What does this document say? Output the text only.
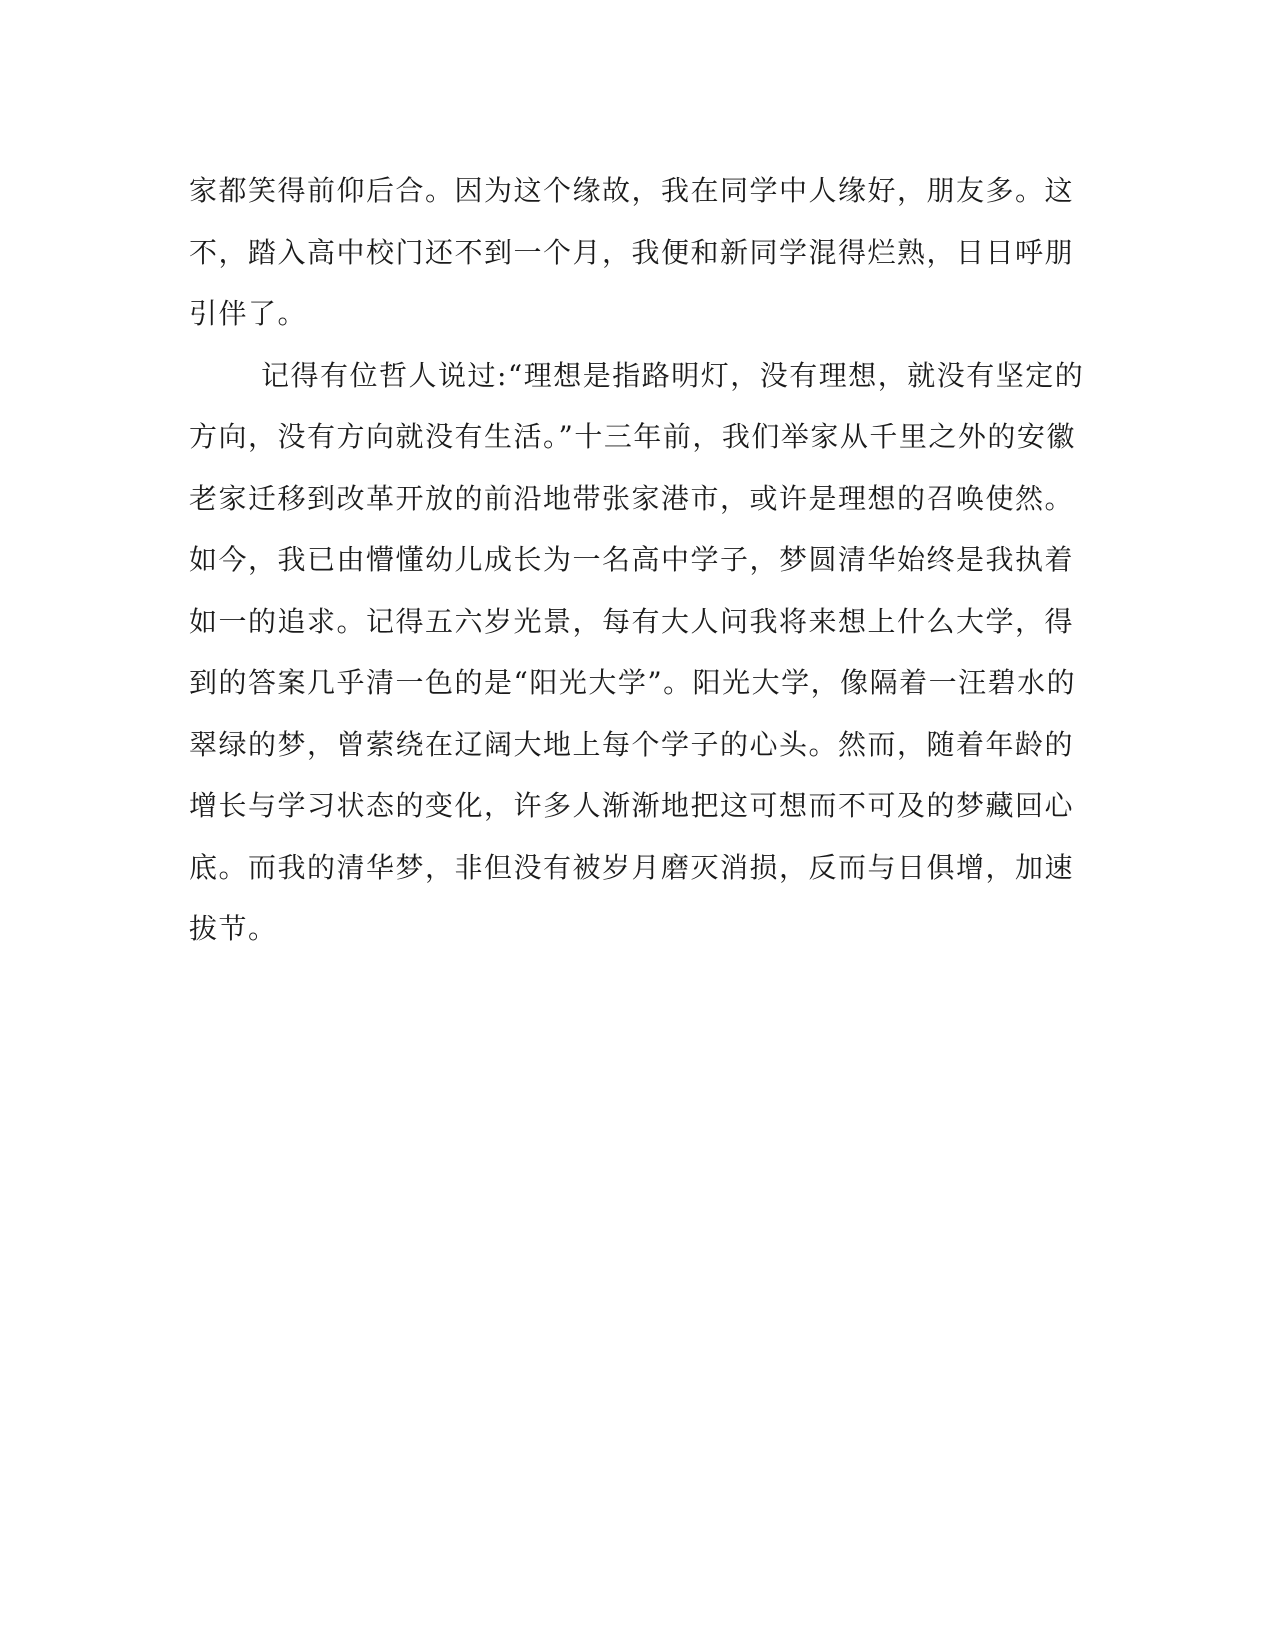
家都笑得前仰后合。因为这个缘故，我在同学中人缘好，朋友多。这
不，踏入高中校门还不到一个月，我便和新同学混得烂熟，日日呼朋
引伴了。
记得有位哲人说过:“理想是指路明灯，没有理想，就没有坚定的
方向，没有方向就没有生活。”十三年前，我们举家从千里之外的安徽
老家迁移到改革开放的前沿地带张家港市，或许是理想的召唤使然。
如今，我已由懵懂幼儿成长为一名高中学子，梦圆清华始终是我执着
如一的追求。记得五六岁光景，每有大人问我将来想上什么大学，得
到的答案几乎清一色的是“阳光大学”。阳光大学，像隔着一汪碧水的
翠绿的梦，曾萦绕在辽阔大地上每个学子的心头。然而，随着年龄的
增长与学习状态的变化，许多人渐渐地把这可想而不可及的梦藏回心
底。而我的清华梦，非但没有被岁月磨灭消损，反而与日俱增，加速
拔节。
